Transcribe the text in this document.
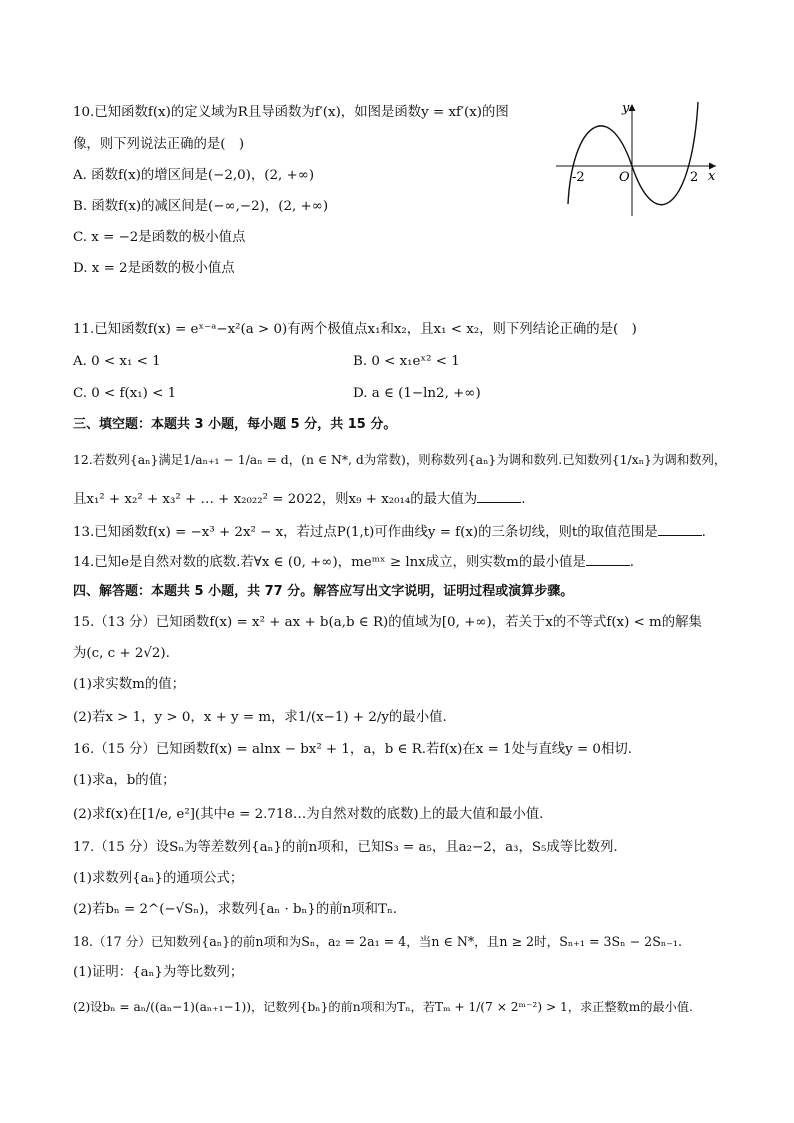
10.已知函数f(x)的定义域为R且导函数为f′(x)，如图是函数y = xf′(x)的图
像，则下列说法正确的是(　)
A. 函数f(x)的增区间是(−2,0)，(2, +∞)
B. 函数f(x)的减区间是(−∞,−2)，(2, +∞)
C. x = −2是函数的极小值点
D. x = 2是函数的极小值点
y
x
O
-2	2
11.已知函数f(x) = eˣ⁻ᵃ−x²(a > 0)有两个极值点x₁和x₂，且x₁ < x₂，则下列结论正确的是(　)
A. 0 < x₁ < 1	B. 0 < x₁eˣ² < 1
C. 0 < f(x₁) < 1	D. a ∈ (1−ln2, +∞)
三、填空题：本题共 3 小题，每小题 5 分，共 15 分。
12.若数列{aₙ}满足1/aₙ₊₁ − 1/aₙ = d，(n ∈ N*, d为常数)，则称数列{aₙ}为调和数列.已知数列{1/xₙ}为调和数列，
且x₁² + x₂² + x₃² + … + x₂₀₂₂² = 2022，则x₉ + x₂₀₁₄的最大值为	.
13.已知函数f(x) = −x³ + 2x² − x，若过点P(1,t)可作曲线y = f(x)的三条切线，则t的取值范围是	.
14.已知e是自然对数的底数.若∀x ∈ (0, +∞)，meᵐˣ ≥ lnx成立，则实数m的最小值是	.
四、解答题：本题共 5 小题，共 77 分。解答应写出文字说明，证明过程或演算步骤。
15.（13 分）已知函数f(x) = x² + ax + b(a,b ∈ R)的值域为[0, +∞)，若关于x的不等式f(x) < m的解集
为(c, c + 2√2).
(1)求实数m的值；
(2)若x > 1，y > 0，x + y = m，求1/(x−1) + 2/y的最小值.
16.（15 分）已知函数f(x) = alnx − bx² + 1，a，b ∈ R.若f(x)在x = 1处与直线y = 0相切.
(1)求a，b的值；
(2)求f(x)在[1/e, e²](其中e = 2.718…为自然对数的底数)上的最大值和最小值.
17.（15 分）设Sₙ为等差数列{aₙ}的前n项和，已知S₃ = a₅，且a₂−2，a₃，S₅成等比数列.
(1)求数列{aₙ}的通项公式；
(2)若bₙ = 2^(−√Sₙ)，求数列{aₙ · bₙ}的前n项和Tₙ.
18.（17 分）已知数列{aₙ}的前n项和为Sₙ，a₂ = 2a₁ = 4，当n ∈ N*，且n ≥ 2时，Sₙ₊₁ = 3Sₙ − 2Sₙ₋₁.
(1)证明：{aₙ}为等比数列；
(2)设bₙ = aₙ/((aₙ−1)(aₙ₊₁−1))，记数列{bₙ}的前n项和为Tₙ，若Tₘ + 1/(7 × 2ᵐ⁻²) > 1，求正整数m的最小值.
